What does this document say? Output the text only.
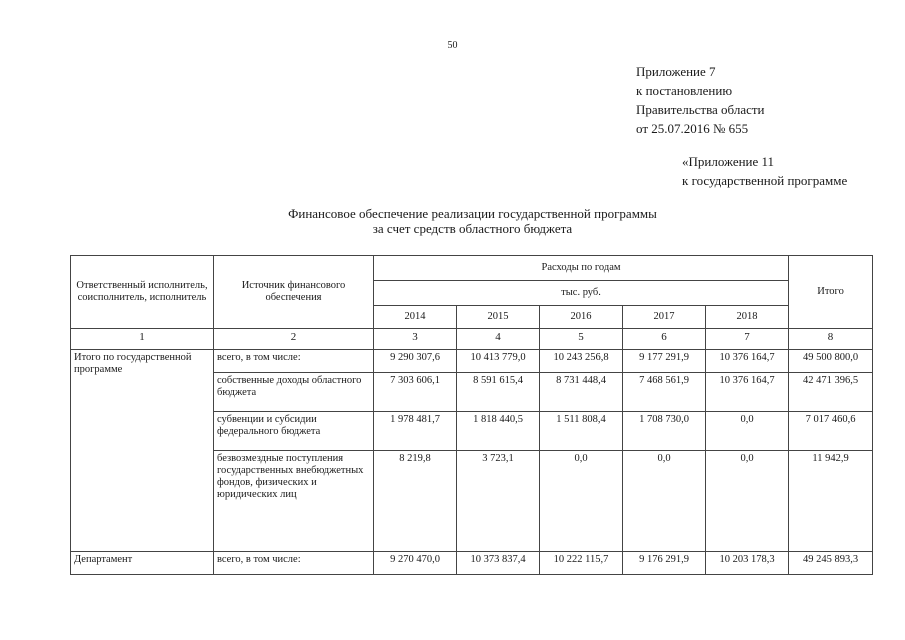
50
Приложение 7
к постановлению
Правительства области
от 25.07.2016 № 655
«Приложение 11
к государственной программе
Финансовое обеспечение реализации государственной программы
за счет средств областного бюджета
Ответственный исполнитель, соисполнитель, исполнитель	Источник финансового обеспечения	Расходы по годам					Итого
		тыс. руб.					
		2014	2015	2016	2017	2018	
1	2	3	4	5	6	7	8
Итого по государственной программе	всего, в том числе:	9 290 307,6	10 413 779,0	10 243 256,8	9 177 291,9	10 376 164,7	49 500 800,0
	собственные доходы областного бюджета	7 303 606,1	8 591 615,4	8 731 448,4	7 468 561,9	10 376 164,7	42 471 396,5
	субвенции и субсидии федерального бюджета	1 978 481,7	1 818 440,5	1 511 808,4	1 708 730,0	0,0	7 017 460,6
	безвозмездные поступления государственных внебюджетных фондов, физических и юридических лиц	8 219,8	3 723,1	0,0	0,0	0,0	11 942,9
Департамент	всего, в том числе:	9 270 470,0	10 373 837,4	10 222 115,7	9 176 291,9	10 203 178,3	49 245 893,3
